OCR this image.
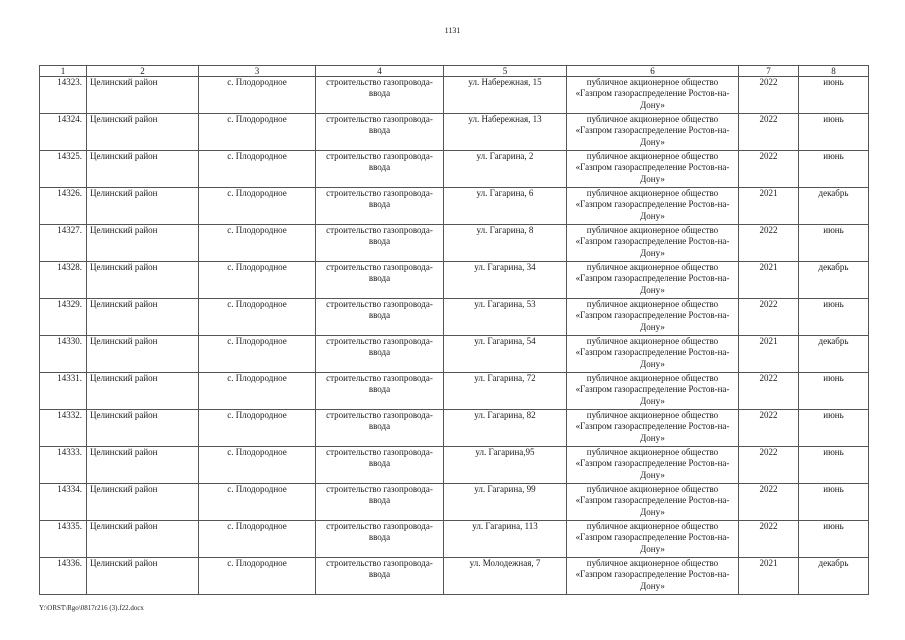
1131
1	2	3	4	5	6	7	8
14323.	Целинский район	с. Плодородное	строительство газопровода-ввода	ул. Набережная, 15	публичное акционерное общество «Газпром газораспределение Ростов-на-Дону»	2022	июнь
14324.	Целинский район	с. Плодородное	строительство газопровода-ввода	ул. Набережная, 13	публичное акционерное общество «Газпром газораспределение Ростов-на-Дону»	2022	июнь
14325.	Целинский район	с. Плодородное	строительство газопровода-ввода	ул. Гагарина, 2	публичное акционерное общество «Газпром газораспределение Ростов-на-Дону»	2022	июнь
14326.	Целинский район	с. Плодородное	строительство газопровода-ввода	ул. Гагарина, 6	публичное акционерное общество «Газпром газораспределение Ростов-на-Дону»	2021	декабрь
14327.	Целинский район	с. Плодородное	строительство газопровода-ввода	ул. Гагарина, 8	публичное акционерное общество «Газпром газораспределение Ростов-на-Дону»	2022	июнь
14328.	Целинский район	с. Плодородное	строительство газопровода-ввода	ул. Гагарина, 34	публичное акционерное общество «Газпром газораспределение Ростов-на-Дону»	2021	декабрь
14329.	Целинский район	с. Плодородное	строительство газопровода-ввода	ул. Гагарина, 53	публичное акционерное общество «Газпром газораспределение Ростов-на-Дону»	2022	июнь
14330.	Целинский район	с. Плодородное	строительство газопровода-ввода	ул. Гагарина, 54	публичное акционерное общество «Газпром газораспределение Ростов-на-Дону»	2021	декабрь
14331.	Целинский район	с. Плодородное	строительство газопровода-ввода	ул. Гагарина, 72	публичное акционерное общество «Газпром газораспределение Ростов-на-Дону»	2022	июнь
14332.	Целинский район	с. Плодородное	строительство газопровода-ввода	ул. Гагарина, 82	публичное акционерное общество «Газпром газораспределение Ростов-на-Дону»	2022	июнь
14333.	Целинский район	с. Плодородное	строительство газопровода-ввода	ул. Гагарина,95	публичное акционерное общество «Газпром газораспределение Ростов-на-Дону»	2022	июнь
14334.	Целинский район	с. Плодородное	строительство газопровода-ввода	ул. Гагарина, 99	публичное акционерное общество «Газпром газораспределение Ростов-на-Дону»	2022	июнь
14335.	Целинский район	с. Плодородное	строительство газопровода-ввода	ул. Гагарина, 113	публичное акционерное общество «Газпром газораспределение Ростов-на-Дону»	2022	июнь
14336.	Целинский район	с. Плодородное	строительство газопровода-ввода	ул. Молодежная, 7	публичное акционерное общество «Газпром газораспределение Ростов-на-Дону»	2021	декабрь
Y:\ORST\Rgo\0817r216 (3).f22.docx
